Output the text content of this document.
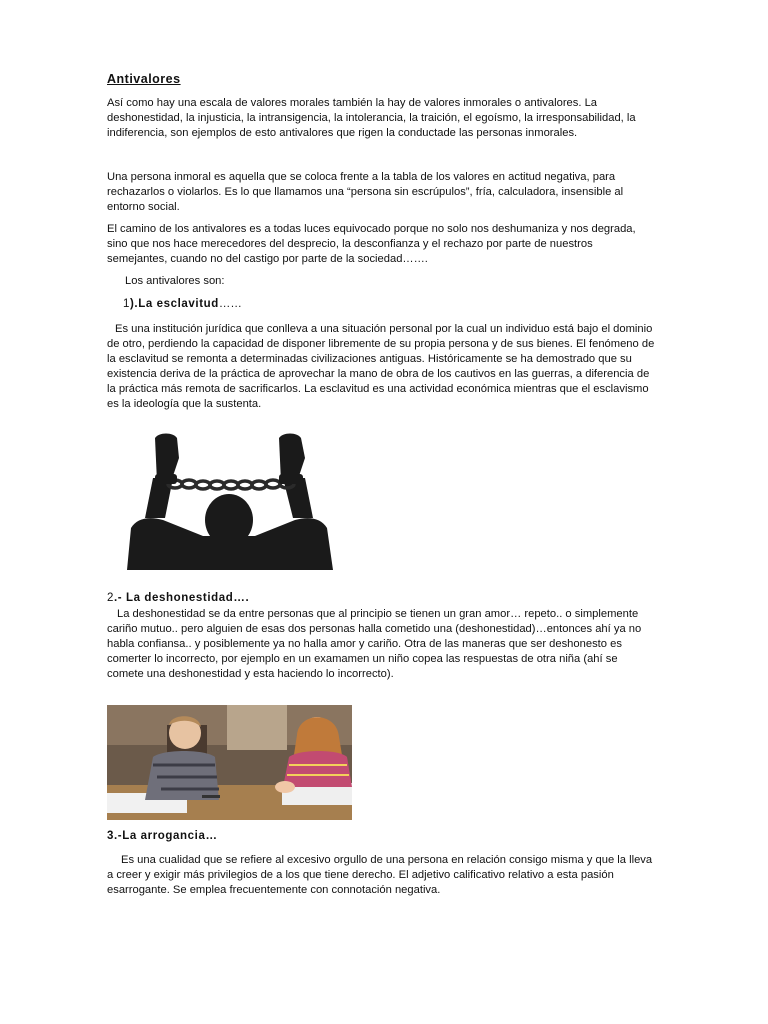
Antivalores

Así como hay una escala de valores morales también la hay de valores inmorales o antivalores. La deshonestidad, la injusticia, la intransigencia, la intolerancia, la traición, el egoísmo, la irresponsabilidad, la indiferencia, son ejemplos de esto antivalores que rigen la conductade las personas inmorales.

Una persona inmoral es aquella que se coloca frente a la tabla de los valores en actitud negativa, para rechazarlos o violarlos. Es lo que llamamos una “persona sin escrúpulos”, fría, calculadora, insensible al entorno social.

El camino de los antivalores es a todas luces equivocado porque no solo nos deshumaniza y nos degrada, sino que nos hace merecedores del desprecio, la desconfianza y el rechazo por parte de nuestros semejantes, cuando no del castigo por parte de la sociedad…….

Los antivalores son:

1).La esclavitud……

Es una institución jurídica que conlleva a una situación personal por la cual un individuo está bajo el dominio de otro, perdiendo la capacidad de disponer libremente de su propia persona y de sus bienes. El fenómeno de la esclavitud se remonta a determinadas civilizaciones antiguas. Históricamente se ha demostrado que su existencia deriva de la práctica de aprovechar la mano de obra de los cautivos en las guerras, a diferencia de la práctica más remota de sacrificarlos. La esclavitud es una actividad económica mientras que el esclavismo es la ideología que la sustenta.

2.- La deshonestidad….

La deshonestidad se da entre personas que al principio se tienen un gran amor… repeto.. o simplemente cariño mutuo.. pero alguien de esas dos personas halla cometido una (deshonestidad)…entonces ahí ya no habla confiansa.. y posiblemente ya no halla amor y cariño. Otra de las maneras que ser deshonesto es comerter lo incorrecto, por ejemplo en un examamen un niño copea las respuestas de otra niña (ahí se comete una deshonestidad y esta haciendo lo incorrecto).

3.-La arrogancia…

Es una cualidad que se refiere al excesivo orgullo de una persona en relación consigo misma y que la lleva a creer y exigir más privilegios de a los que tiene derecho. El adjetivo calificativo relativo a esta pasión esarrogante. Se emplea frecuentemente con connotación negativa.
